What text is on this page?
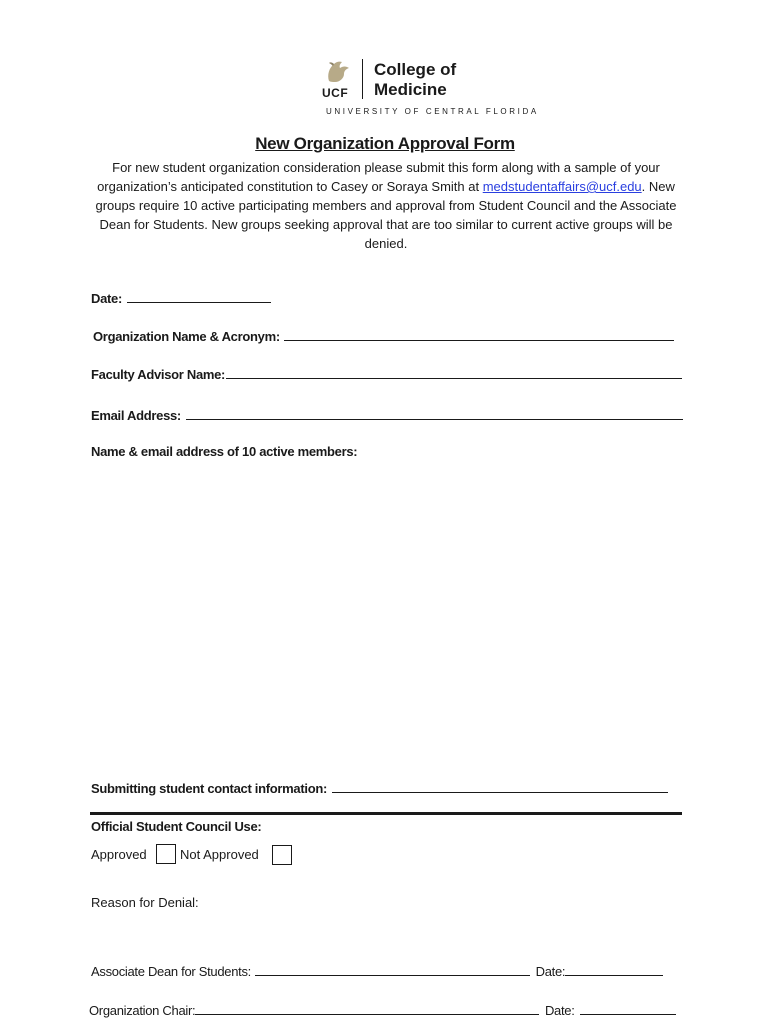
UCF
College of
Medicine
UNIVERSITY OF CENTRAL FLORIDA
New Organization Approval Form
For new student organization consideration please submit this form along with a sample of your organization’s anticipated constitution to Casey or Soraya Smith at medstudentaffairs@ucf.edu. New groups require 10 active participating members and approval from Student Council and the Associate Dean for Students. New groups seeking approval that are too similar to current active groups will be denied.
Date:
Organization Name & Acronym:
Faculty Advisor Name:
Email Address:
Name & email address of 10 active members:
Submitting student contact information:
Official Student Council Use:
Approved	Not Approved
Reason for Denial:
Associate Dean for Students:	Date:
Organization Chair:	Date:
